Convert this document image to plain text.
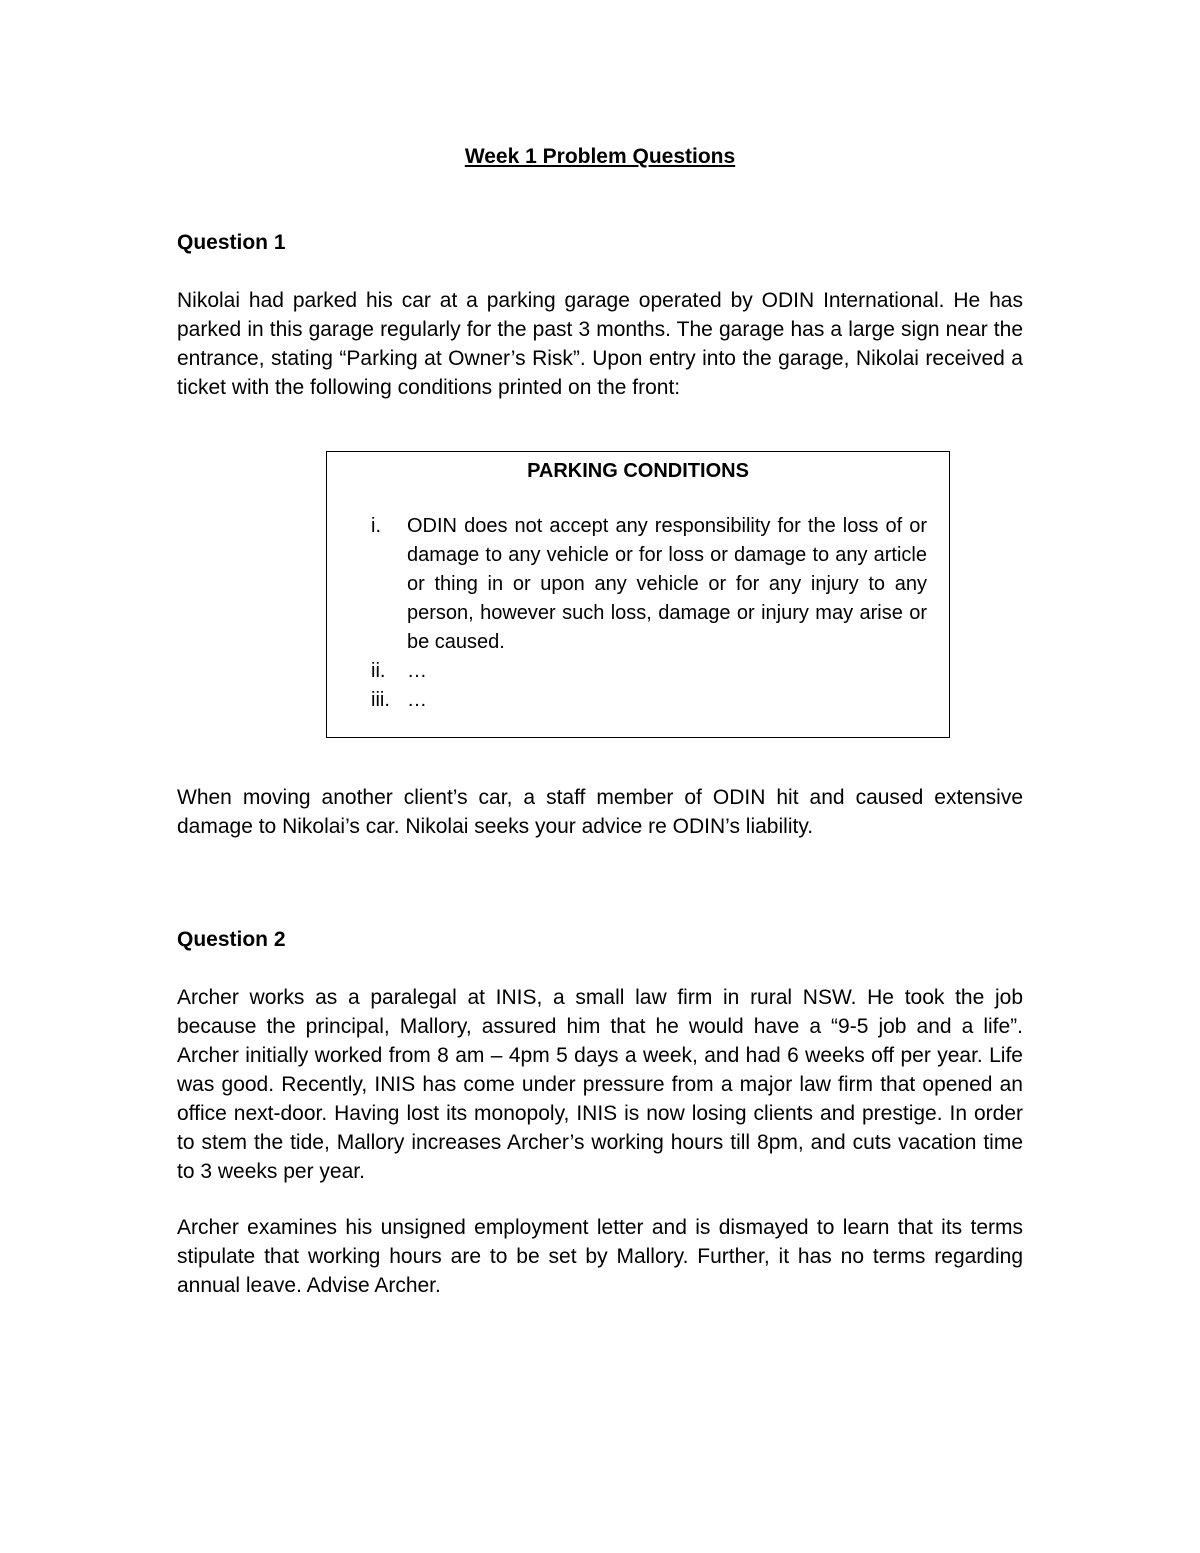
Week 1 Problem Questions
Question 1
Nikolai had parked his car at a parking garage operated by ODIN International. He has parked in this garage regularly for the past 3 months. The garage has a large sign near the entrance, stating “Parking at Owner’s Risk”. Upon entry into the garage, Nikolai received a ticket with the following conditions printed on the front:
PARKING CONDITIONS
i. ODIN does not accept any responsibility for the loss of or damage to any vehicle or for loss or damage to any article or thing in or upon any vehicle or for any injury to any person, however such loss, damage or injury may arise or be caused.
ii. …
iii. …
When moving another client’s car, a staff member of ODIN hit and caused extensive damage to Nikolai’s car. Nikolai seeks your advice re ODIN’s liability.
Question 2
Archer works as a paralegal at INIS, a small law firm in rural NSW. He took the job because the principal, Mallory, assured him that he would have a “9-5 job and a life”. Archer initially worked from 8 am – 4pm 5 days a week, and had 6 weeks off per year. Life was good. Recently, INIS has come under pressure from a major law firm that opened an office next-door. Having lost its monopoly, INIS is now losing clients and prestige. In order to stem the tide, Mallory increases Archer’s working hours till 8pm, and cuts vacation time to 3 weeks per year.
Archer examines his unsigned employment letter and is dismayed to learn that its terms stipulate that working hours are to be set by Mallory. Further, it has no terms regarding annual leave. Advise Archer.
